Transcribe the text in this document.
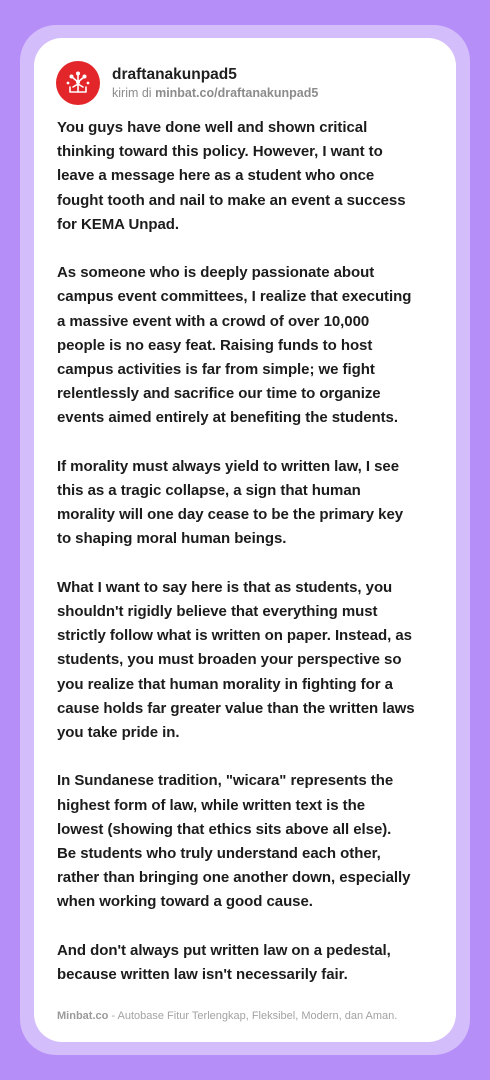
draftanakunpad5
kirim di minbat.co/draftanakunpad5

You guys have done well and shown critical
thinking toward this policy. However, I want to
leave a message here as a student who once
fought tooth and nail to make an event a success
for KEMA Unpad.

As someone who is deeply passionate about
campus event committees, I realize that executing
a massive event with a crowd of over 10,000
people is no easy feat. Raising funds to host
campus activities is far from simple; we fight
relentlessly and sacrifice our time to organize
events aimed entirely at benefiting the students.

If morality must always yield to written law, I see
this as a tragic collapse, a sign that human
morality will one day cease to be the primary key
to shaping moral human beings.

What I want to say here is that as students, you
shouldn't rigidly believe that everything must
strictly follow what is written on paper. Instead, as
students, you must broaden your perspective so
you realize that human morality in fighting for a
cause holds far greater value than the written laws
you take pride in.

In Sundanese tradition, "wicara" represents the
highest form of law, while written text is the
lowest (showing that ethics sits above all else).
Be students who truly understand each other,
rather than bringing one another down, especially
when working toward a good cause.

And don't always put written law on a pedestal,
because written law isn't necessarily fair.

Minbat.co - Autobase Fitur Terlengkap, Fleksibel, Modern, dan Aman.
